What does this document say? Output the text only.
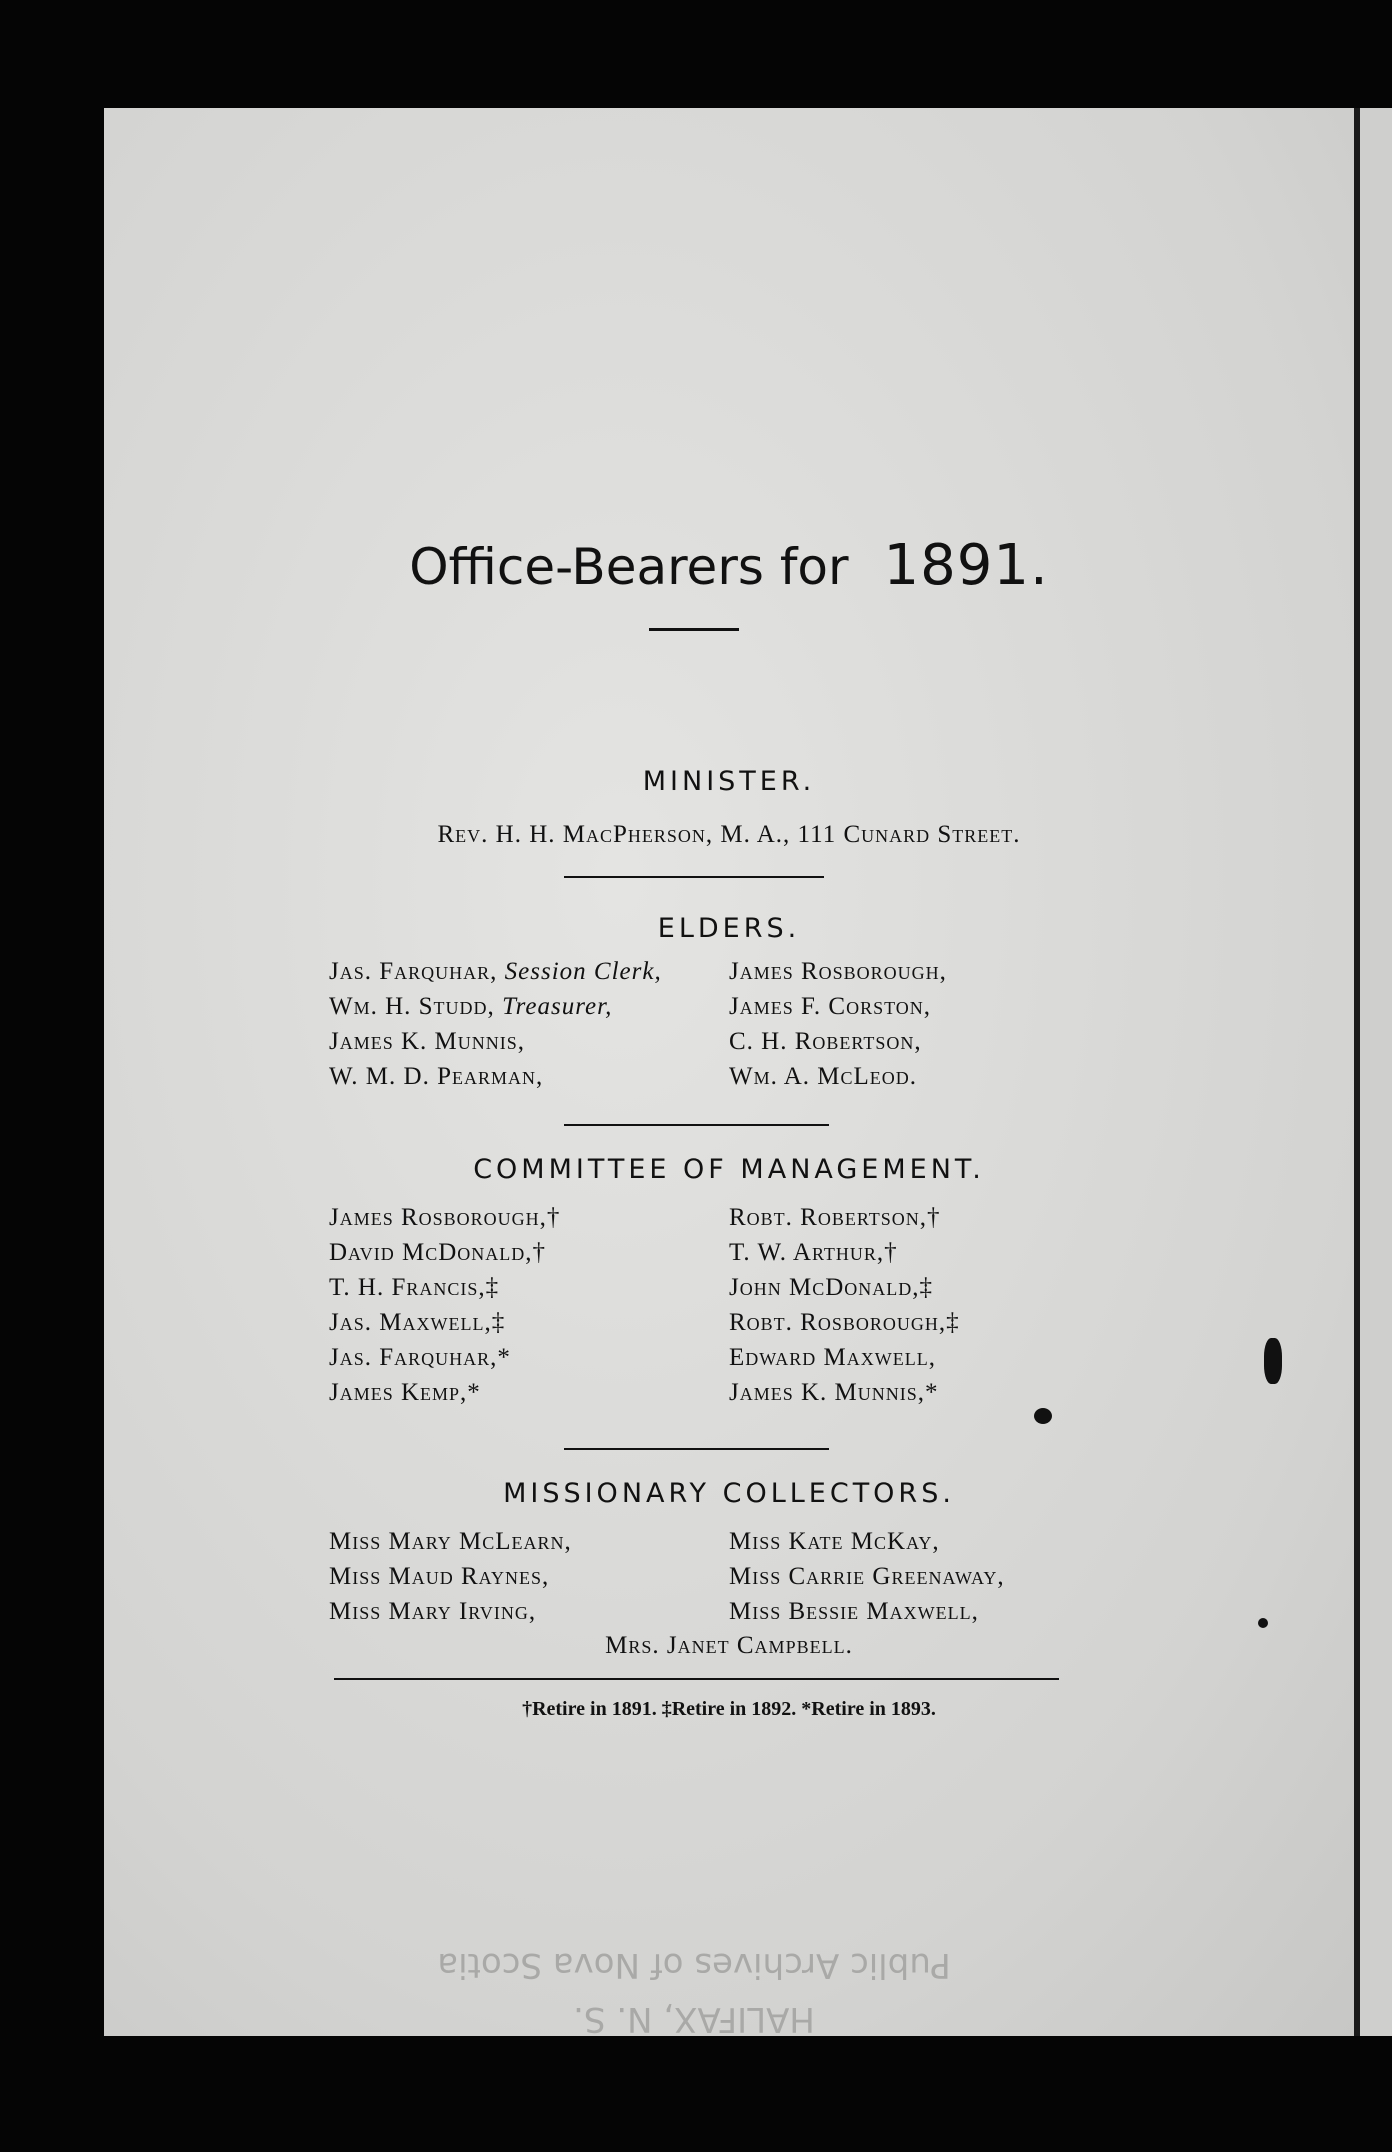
Office-Bearers for 1891.
MINISTER.
Rev. H. H. MacPherson, M. A., 111 Cunard Street.
ELDERS.
Jas. Farquhar, Session Clerk,
Wm. H. Studd, Treasurer,
James K. Munnis,
W. M. D. Pearman,
James Rosborough,
James F. Corston,
C. H. Robertson,
Wm. A. McLeod.
COMMITTEE OF MANAGEMENT.
James Rosborough,†
David McDonald,†
T. H. Francis,‡
Jas. Maxwell,‡
Jas. Farquhar,*
James Kemp,*
Robt. Robertson,†
T. W. Arthur,†
John McDonald,‡
Robt. Rosborough,‡
Edward Maxwell,
James K. Munnis,*
MISSIONARY COLLECTORS.
Miss Mary McLearn,
Miss Maud Raynes,
Miss Mary Irving,
Miss Kate McKay,
Miss Carrie Greenaway,
Miss Bessie Maxwell,
Mrs. Janet Campbell.
†Retire in 1891. ‡Retire in 1892. *Retire in 1893.
HALIFAX, N. S.
Public Archives of Nova Scotia
